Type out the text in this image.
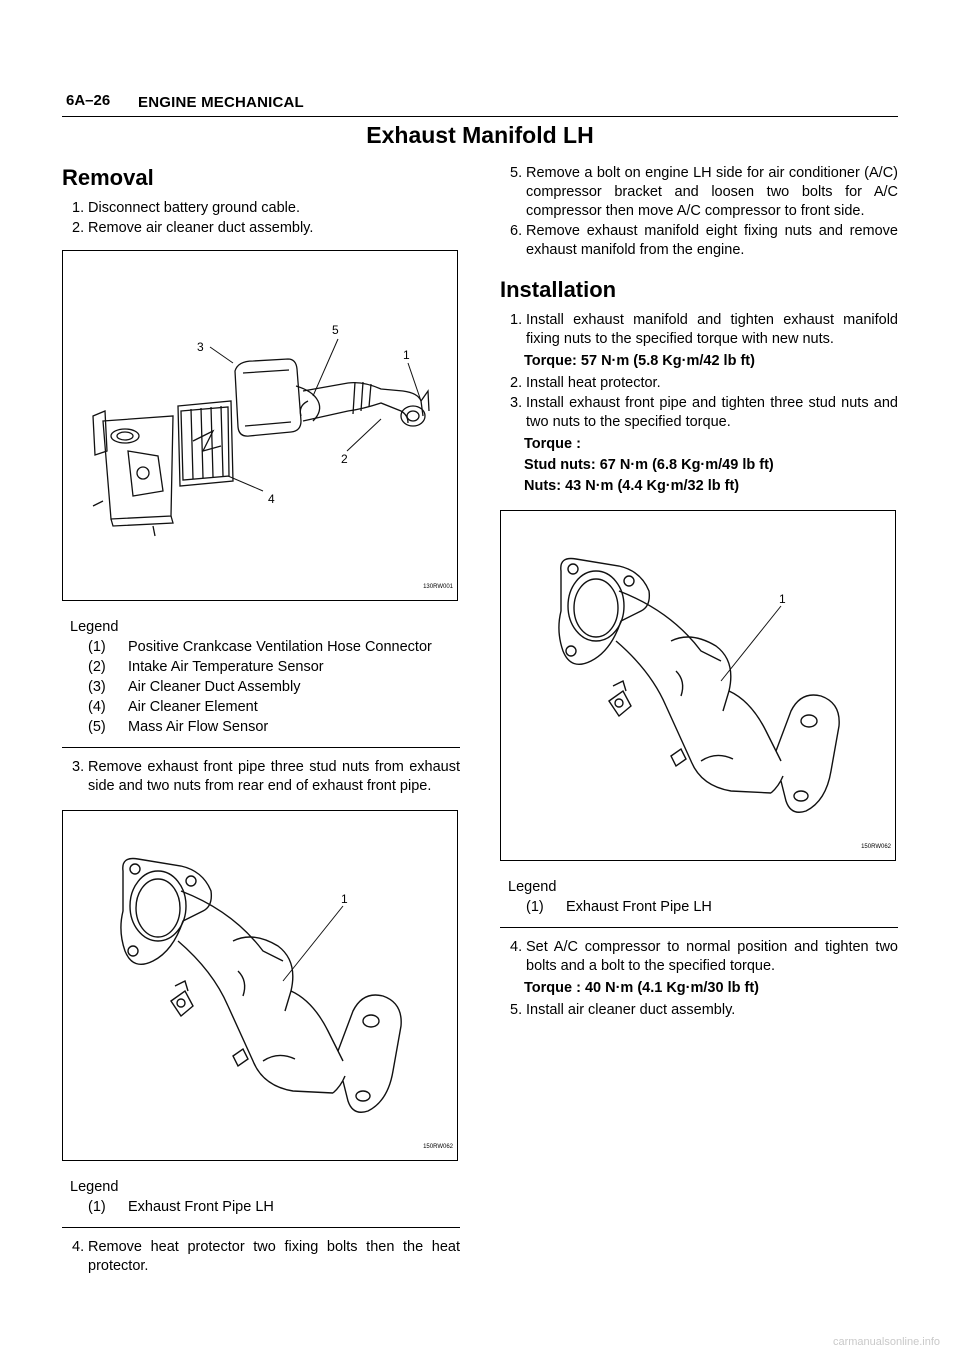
6A–26 ENGINE MECHANICAL
Exhaust Manifold LH
Removal

1. Disconnect battery ground cable.

2. Remove air cleaner duct assembly.

3
5
1
2
4
130RW001

Legend

(1)	Positive Crankcase Ventilation Hose Connector

(2)	Intake Air Temperature Sensor

(3)	Air Cleaner Duct Assembly

(4)	Air Cleaner Element

(5)	Mass Air Flow Sensor

3. Remove exhaust front pipe three stud nuts from exhaust side and two nuts from rear end of exhaust front pipe.

1
150RW062

Legend

(1)	Exhaust Front Pipe LH

4. Remove heat protector two fixing bolts then the heat protector.

5. Remove a bolt on engine LH side for air conditioner (A/C) compressor bracket and loosen two bolts for A/C compressor then move A/C compressor to front side.

6. Remove exhaust manifold eight fixing nuts and remove exhaust manifold from the engine.

Installation

1. Install exhaust manifold and tighten exhaust manifold fixing nuts to the specified torque with new nuts.

Torque: 57 N·m (5.8 Kg·m/42 lb ft)

2. Install heat protector.

3. Install exhaust front pipe and tighten three stud nuts and two nuts to the specified torque.

Torque :

Stud nuts: 67 N·m (6.8 Kg·m/49 lb ft)

Nuts: 43 N·m (4.4 Kg·m/32 lb ft)

1
150RW062

Legend

(1)	Exhaust Front Pipe LH

4. Set A/C compressor to normal position and tighten two bolts and a bolt to the specified torque.

Torque : 40 N·m (4.1 Kg·m/30 lb ft)

5. Install air cleaner duct assembly.

carmanualsonline.info
